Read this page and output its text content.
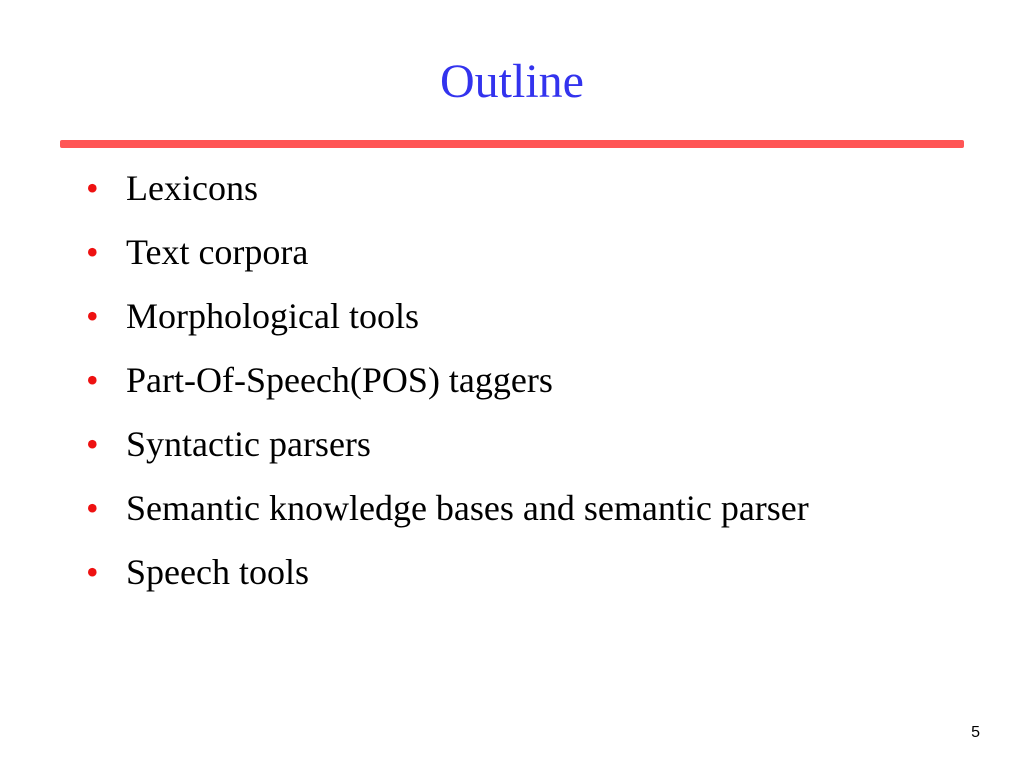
Outline
• Lexicons
• Text corpora
• Morphological tools
• Part-Of-Speech(POS) taggers
• Syntactic parsers
• Semantic knowledge bases and semantic parser
• Speech tools
5
